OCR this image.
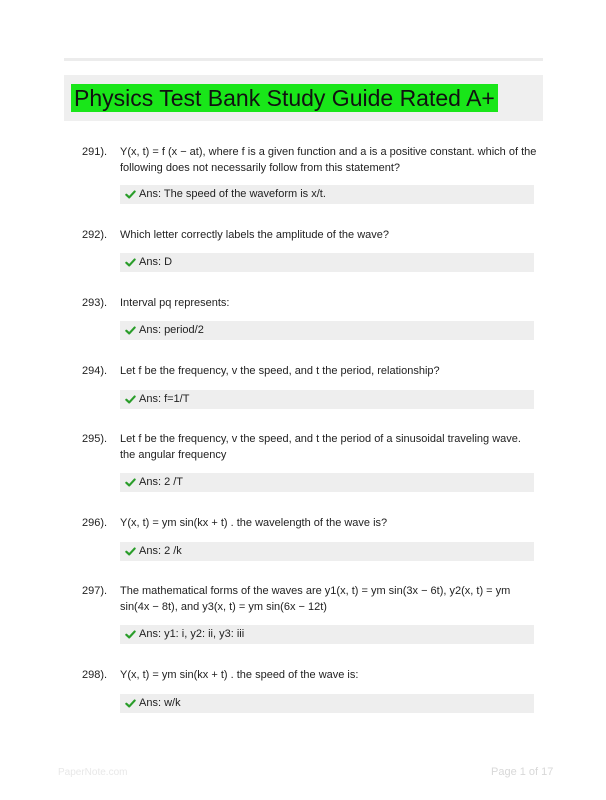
Physics Test Bank Study Guide Rated A+
291). Y(x, t) = f (x − at), where f is a given function and a is a positive constant. which of the following does not necessarily follow from this statement?
Ans: The speed of the waveform is x/t.
292). Which letter correctly labels the amplitude of the wave?
Ans: D
293). Interval pq represents:
Ans: period/2
294). Let f be the frequency, v the speed, and t the period, relationship?
Ans: f=1/T
295). Let f be the frequency, v the speed, and t the period of a sinusoidal traveling wave. the angular frequency
Ans: 2 /T
296). Y(x, t) = ym sin(kx + t) . the wavelength of the wave is?
Ans: 2 /k
297). The mathematical forms of the waves are y1(x, t) = ym sin(3x − 6t), y2(x, t) = ym sin(4x − 8t), and y3(x, t) = ym sin(6x − 12t)
Ans: y1: i, y2: ii, y3: iii
298). Y(x, t) = ym sin(kx + t) . the speed of the wave is:
Ans: w/k
PaperNote.com	Page 1 of 17
